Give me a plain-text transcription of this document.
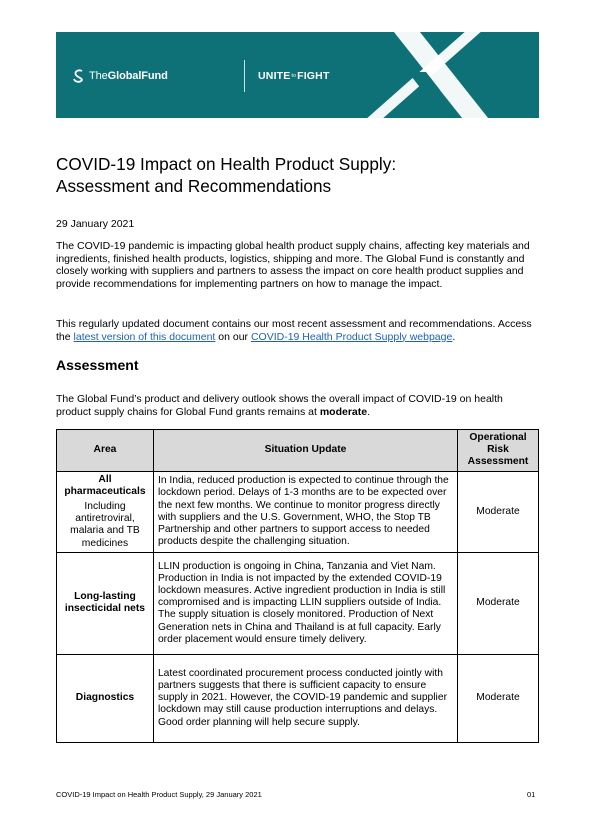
The GlobalFund	UNITEtoFIGHT
COVID-19 Impact on Health Product Supply:
Assessment and Recommendations
29 January 2021

The COVID-19 pandemic is impacting global health product supply chains, affecting key materials and ingredients, finished health products, logistics, shipping and more. The Global Fund is constantly and closely working with suppliers and partners to assess the impact on core health product supplies and provide recommendations for implementing partners on how to manage the impact.

This regularly updated document contains our most recent assessment and recommendations. Access the latest version of this document on our COVID-19 Health Product Supply webpage.

Assessment

The Global Fund’s product and delivery outlook shows the overall impact of COVID-19 on health product supply chains for Global Fund grants remains at moderate.

Area	Situation Update	Operational Risk Assessment

All pharmaceuticals
Including antiretroviral, malaria and TB medicines	In India, reduced production is expected to continue through the lockdown period. Delays of 1-3 months are to be expected over the next few months. We continue to monitor progress directly with suppliers and the U.S. Government, WHO, the Stop TB Partnership and other partners to support access to needed products despite the challenging situation.	Moderate

Long-lasting insecticidal nets	LLIN production is ongoing in China, Tanzania and Viet Nam. Production in India is not impacted by the extended COVID-19 lockdown measures. Active ingredient production in India is still compromised and is impacting LLIN suppliers outside of India. The supply situation is closely monitored. Production of Next Generation nets in China and Thailand is at full capacity. Early order placement would ensure timely delivery.	Moderate

Diagnostics	Latest coordinated procurement process conducted jointly with partners suggests that there is sufficient capacity to ensure supply in 2021. However, the COVID-19 pandemic and supplier lockdown may still cause production interruptions and delays. Good order planning will help secure supply.	Moderate
COVID-19 Impact on Health Product Supply, 29 January 2021	01
